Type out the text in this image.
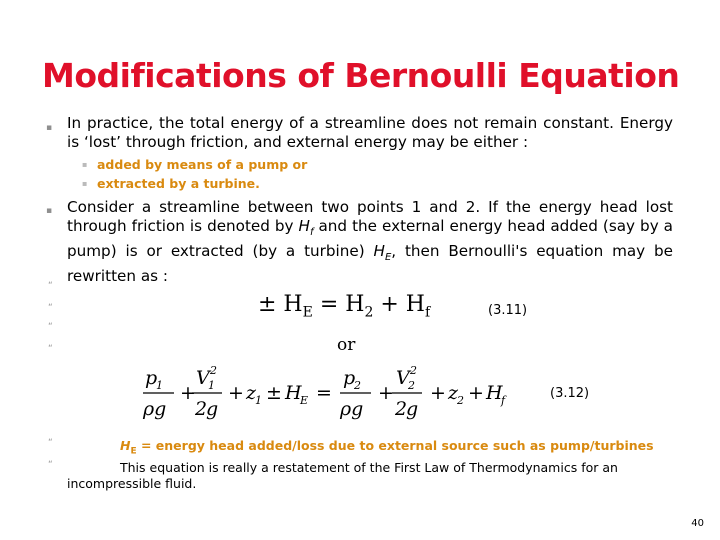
Modifications of Bernoulli Equation
▪ In practice, the total energy of a streamline does not remain constant. Energy is ‘lost’ through friction, and external energy may be either :
▪ added by means of a pump or
▪ extracted by a turbine.
▪ Consider a streamline between two points 1 and 2. If the energy head lost through friction is denoted by $H_f$ and the external energy head added (say by a pump) is or extracted (by a turbine) $H_E$, then Bernoulli's equation may be rewritten as :
“
“
“
“
“
“
± $H_E = H_2 + H_f$	(3.11)
or
p
1
ρg
+
V
1
2
2
g
+ z
1 ± H
E =
p
2
ρg
+
V
2
2
2
g
+ z
2 + H
f	(3.12)
$H_E$ = energy head added/loss due to external source such as pump/turbines
This equation is really a restatement of the First Law of Thermodynamics for an incompressible fluid.
40
